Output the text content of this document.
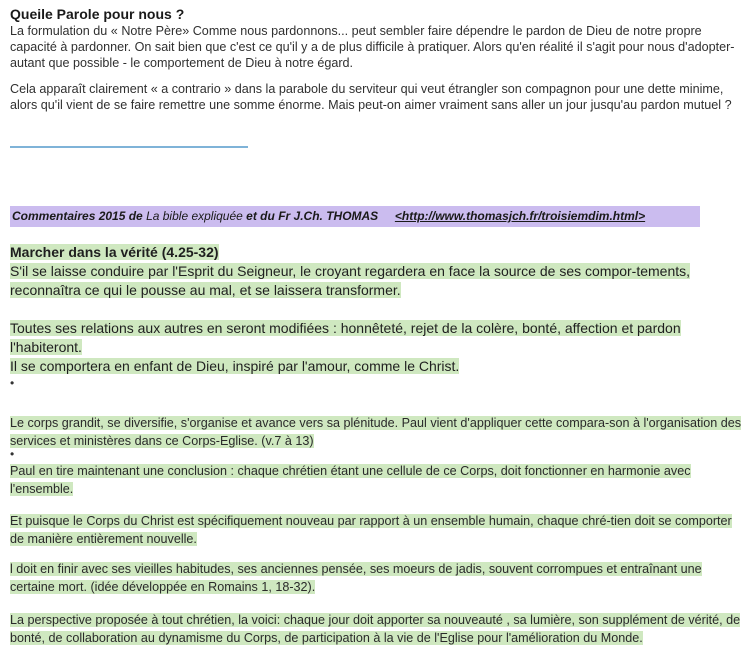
Queile Parole pour nous ?
La formulation du « Notre Père» Comme nous pardonnons... peut sembler faire dépendre le pardon de Dieu de notre propre capacité à pardonner. On sait bien que c'est ce qu'il y a de plus difficile à pratiquer. Alors qu'en réalité il s'agit pour nous d'adopter-autant que possible - le comportement de Dieu à notre égard.
Cela apparaît clairement « a contrario » dans la parabole du serviteur qui veut étrangler son compagnon pour une dette minime, alors qu'il vient de se faire remettre une somme énorme. Mais peut-on aimer vraiment sans aller un jour jusqu'au pardon mutuel ?
Commentaires 2015 de La bible expliquée et du Fr J.Ch. THOMAS <http://www.thomasjch.fr/troisiemdim.html>
Marcher dans la vérité (4.25-32)
S'il se laisse conduire par l'Esprit du Seigneur, le croyant regardera en face la source de ses compor-tements, reconnaîtra ce qui le pousse au mal, et se laissera transformer.
Toutes ses relations aux autres en seront modifiées : honnêteté, rejet de la colère, bonté, affection et pardon l'habiteront.
Il se comportera en enfant de Dieu, inspiré par l'amour, comme le Christ.
•
Le corps grandit, se diversifie, s'organise et avance vers sa plénitude. Paul vient d'appliquer cette compara-son à l'organisation des services et ministères dans ce Corps-Eglise. (v.7 à 13)
•
Paul en tire maintenant une conclusion : chaque chrétien étant une cellule de ce Corps, doit fonctionner en harmonie avec l'ensemble.
Et puisque le Corps du Christ est spécifiquement nouveau par rapport à un ensemble humain, chaque chré-tien doit se comporter de manière entièrement nouvelle.
l doit en finir avec ses vieilles habitudes, ses anciennes pensée, ses moeurs de jadis, souvent corrompues et entraînant une certaine mort. (idée développée en Romains 1, 18-32).
La perspective proposée à tout chrétien, la voici: chaque jour doit apporter sa nouveauté , sa lumière, son supplément de vérité, de bonté, de collaboration au dynamisme du Corps, de participation à la vie de l'Eglise pour l'amélioration du Monde.
